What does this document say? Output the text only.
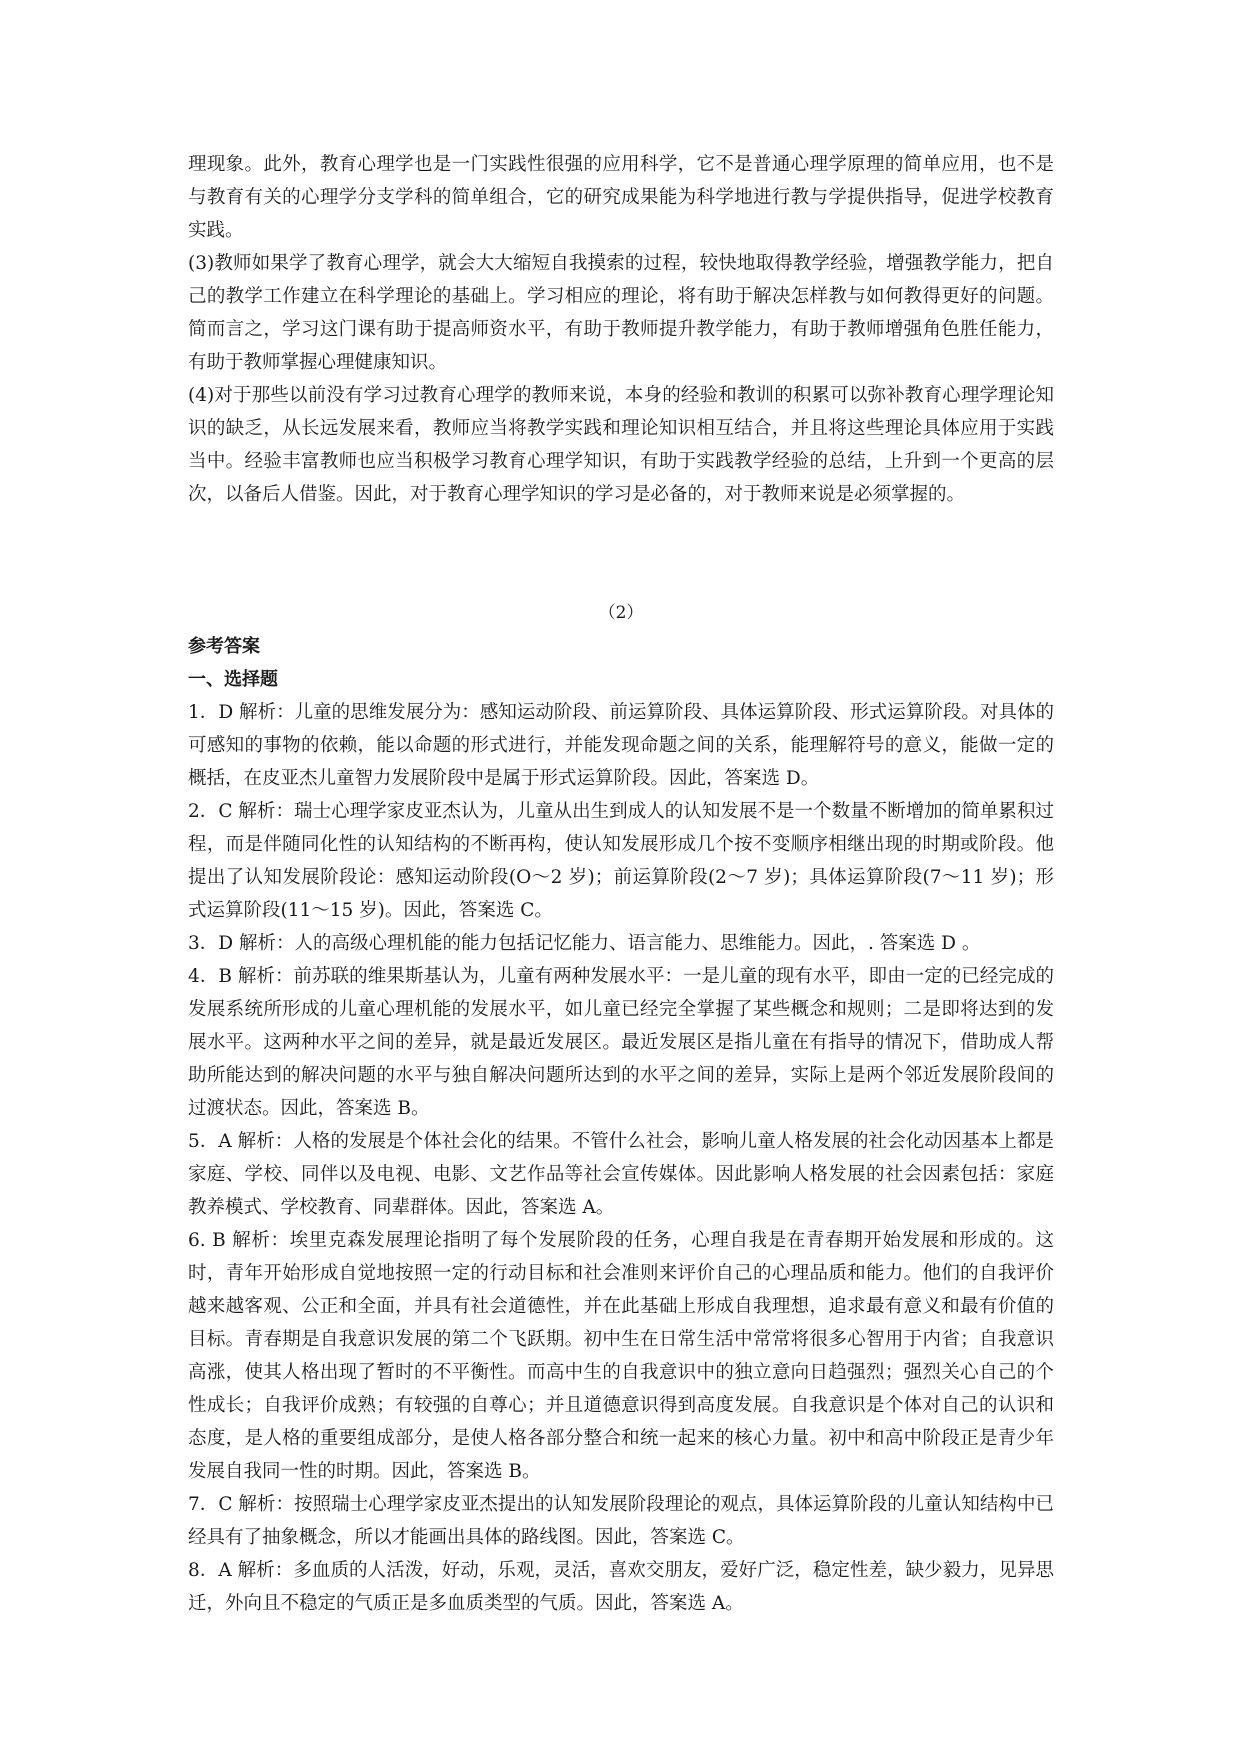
理现象。此外，教育心理学也是一门实践性很强的应用科学，它不是普通心理学原理的简单应用，也不是与教育有关的心理学分支学科的简单组合，它的研究成果能为科学地进行教与学提供指导，促进学校教育实践。

(3)教师如果学了教育心理学，就会大大缩短自我摸索的过程，较快地取得教学经验，增强教学能力，把自己的教学工作建立在科学理论的基础上。学习相应的理论，将有助于解决怎样教与如何教得更好的问题。简而言之，学习这门课有助于提高师资水平，有助于教师提升教学能力，有助于教师增强角色胜任能力，有助于教师掌握心理健康知识。

(4)对于那些以前没有学习过教育心理学的教师来说，本身的经验和教训的积累可以弥补教育心理学理论知识的缺乏，从长远发展来看，教师应当将教学实践和理论知识相互结合，并且将这些理论具体应用于实践当中。经验丰富教师也应当积极学习教育心理学知识，有助于实践教学经验的总结，上升到一个更高的层次，以备后人借鉴。因此，对于教育心理学知识的学习是必备的，对于教师来说是必须掌握的。

（2）

参考答案

一、选择题

1．D 解析：儿童的思维发展分为：感知运动阶段、前运算阶段、具体运算阶段、形式运算阶段。对具体的可感知的事物的依赖，能以命题的形式进行，并能发现命题之间的关系，能理解符号的意义，能做一定的概括，在皮亚杰儿童智力发展阶段中是属于形式运算阶段。因此，答案选 D。

2．C 解析：瑞士心理学家皮亚杰认为，儿童从出生到成人的认知发展不是一个数量不断增加的简单累积过程，而是伴随同化性的认知结构的不断再构，使认知发展形成几个按不变顺序相继出现的时期或阶段。他提出了认知发展阶段论：感知运动阶段(O～2 岁)；前运算阶段(2～7 岁)；具体运算阶段(7～11 岁)；形式运算阶段(11～15 岁)。因此，答案选 C。

3．D 解析：人的高级心理机能的能力包括记忆能力、语言能力、思维能力。因此，. 答案选 D 。

4．B 解析：前苏联的维果斯基认为，儿童有两种发展水平：一是儿童的现有水平，即由一定的已经完成的发展系统所形成的儿童心理机能的发展水平，如儿童已经完全掌握了某些概念和规则；二是即将达到的发展水平。这两种水平之间的差异，就是最近发展区。最近发展区是指儿童在有指导的情况下，借助成人帮助所能达到的解决问题的水平与独自解决问题所达到的水平之间的差异，实际上是两个邻近发展阶段间的过渡状态。因此，答案选 B。

5．A 解析：人格的发展是个体社会化的结果。不管什么社会，影响儿童人格发展的社会化动因基本上都是家庭、学校、同伴以及电视、电影、文艺作品等社会宣传媒体。因此影响人格发展的社会因素包括：家庭教养模式、学校教育、同辈群体。因此，答案选 A。

6. B 解析：埃里克森发展理论指明了每个发展阶段的任务，心理自我是在青春期开始发展和形成的。这时，青年开始形成自觉地按照一定的行动目标和社会准则来评价自己的心理品质和能力。他们的自我评价越来越客观、公正和全面，并具有社会道德性，并在此基础上形成自我理想，追求最有意义和最有价值的目标。青春期是自我意识发展的第二个飞跃期。初中生在日常生活中常常将很多心智用于内省；自我意识高涨，使其人格出现了暂时的不平衡性。而高中生的自我意识中的独立意向日趋强烈；强烈关心自己的个性成长；自我评价成熟；有较强的自尊心；并且道德意识得到高度发展。自我意识是个体对自己的认识和态度，是人格的重要组成部分，是使人格各部分整合和统一起来的核心力量。初中和高中阶段正是青少年发展自我同一性的时期。因此，答案选 B。

7．C 解析：按照瑞士心理学家皮亚杰提出的认知发展阶段理论的观点，具体运算阶段的儿童认知结构中已经具有了抽象概念，所以才能画出具体的路线图。因此，答案选 C。

8．A 解析：多血质的人活泼，好动，乐观，灵活，喜欢交朋友，爱好广泛，稳定性差，缺少毅力，见异思迁，外向且不稳定的气质正是多血质类型的气质。因此，答案选 A。
